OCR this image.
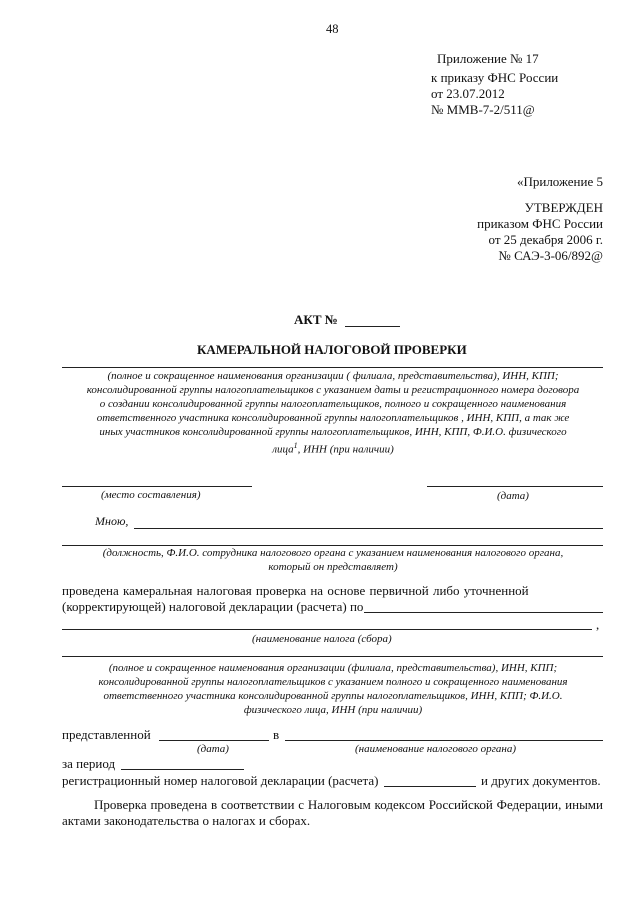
48
Приложение № 17
к приказу ФНС России
от 23.07.2012
№ ММВ-7-2/511@
«Приложение 5
УТВЕРЖДЕН
приказом ФНС России
от 25 декабря 2006 г.
№ САЭ-3-06/892@
АКТ №
КАМЕРАЛЬНОЙ НАЛОГОВОЙ ПРОВЕРКИ
(полное и сокращенное наименования организации ( филиала, представительства), ИНН, КПП;
консолидированной группы налогоплательщиков с указанием даты и регистрационного номера договора
о создании консолидированной группы налогоплательщиков, полного и сокращенного наименования
ответственного участника консолидированной группы налогоплательщиков , ИНН, КПП, а так же
иных участников консолидированной группы налогоплательщиков, ИНН, КПП, Ф.И.О. физического
лица$^1$, ИНН (при наличии)
(место составления)	(дата)
Мною,
(должность, Ф.И.О. сотрудника налогового органа с указанием наименования налогового органа,
который он представляет)
проведена камеральная налоговая проверка на основе первичной либо уточненной
(корректирующей) налоговой декларации (расчета) по
,
(наименование налога (сбора)
(полное и сокращенное наименования организации (филиала, представительства), ИНН, КПП;
консолидированной группы налогоплательщиков с указанием полного и сокращенного наименования
ответственного участника консолидированной группы налогоплательщиков, ИНН, КПП; Ф.И.О.
физического лица, ИНН (при наличии)
представленной	в
(дата)	(наименование налогового органа)
за период
регистрационный номер налоговой декларации (расчета)	и других документов.
Проверка проведена в соответствии с Налоговым кодексом Российской Федерации, иными актами законодательства о налогах и сборах.
